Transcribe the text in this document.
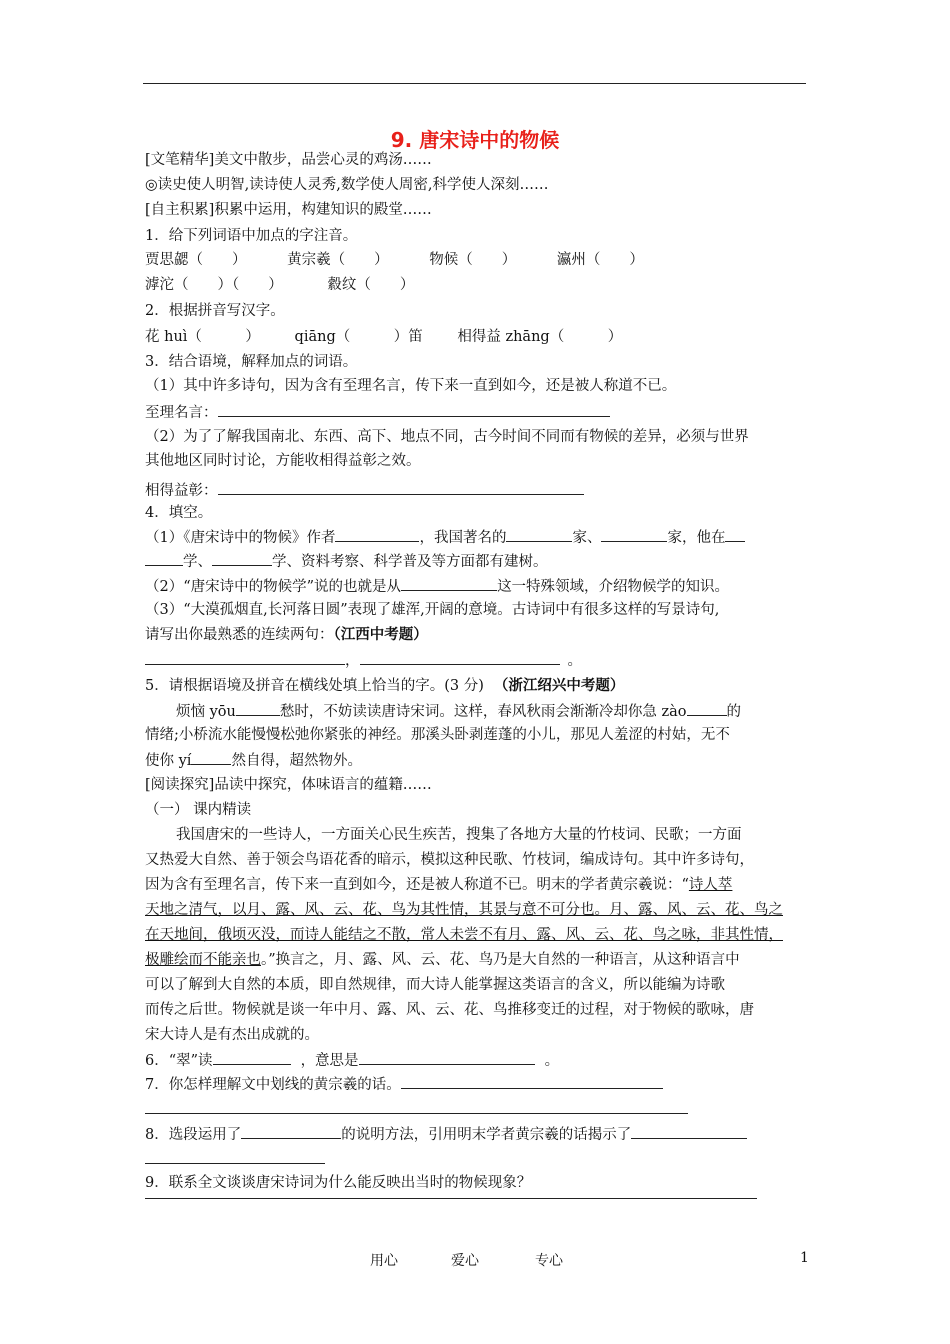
9. 唐宋诗中的物候
[文笔精华]美文中散步，品尝心灵的鸡汤……
◎读史使人明智,读诗使人灵秀,数学使人周密,科学使人深刻……
[自主积累]积累中运用，构建知识的殿堂……
1．给下列词语中加点的字注音。
贾思勰（　　）	黄宗羲（　　）	物候（　　）	瀛州（　　）
滹沱（　　）（　　）	縠纹（　　）
2．根据拼音写汉字。
花 huì（　　　） qiāng（　　　）笛 相得益 zhāng（　　　）
3．结合语境，解释加点的词语。
（1）其中许多诗句，因为含有至理名言，传下来一直到如今，还是被人称道不已。
至理名言：
（2）为了了解我国南北、东西、高下、地点不同，古今时间不同而有物候的差异，必须与世界
其他地区同时讨论，方能收相得益彰之效。
相得益彰：
4．填空。
（1）《唐宋诗中的物候》作者	，我国著名的	家、	家，他在
学、	学、资料考察、科学普及等方面都有建树。
（2）“唐宋诗中的物候学”说的也就是从	这一特殊领域，介绍物候学的知识。
（3）“大漠孤烟直,长河落日圆”表现了雄浑,开阔的意境。古诗词中有很多这样的写景诗句,
请写出你最熟悉的连续两句：（江西中考题）
，	。
5．请根据语境及拼音在横线处填上恰当的字。(3 分) （浙江绍兴中考题）
烦恼 yōu	愁时，不妨读读唐诗宋词。这样，春风秋雨会渐渐冷却你急 zào	的
情绪;小桥流水能慢慢松弛你紧张的神经。那溪头卧剥莲蓬的小儿，那见人羞涩的村姑，无不
使你 yí	然自得，超然物外。
[阅读探究]品读中探究，体味语言的蕴籍……
（一） 课内精读
我国唐宋的一些诗人，一方面关心民生疾苦，搜集了各地方大量的竹枝词、民歌；一方面
又热爱大自然、善于领会鸟语花香的暗示，模拟这种民歌、竹枝词，编成诗句。其中许多诗句，
因为含有至理名言，传下来一直到如今，还是被人称道不已。明末的学者黄宗羲说：“诗人萃
天地之清气，以月、露、风、云、花、鸟为其性情，其景与意不可分也。月、露、风、云、花、鸟之
在天地间，俄顷灭没，而诗人能结之不散，常人未尝不有月、露、风、云、花、鸟之咏，非其性情，
极雕绘而不能亲也。”换言之，月、露、风、云、花、鸟乃是大自然的一种语言，从这种语言中
可以了解到大自然的本质，即自然规律，而大诗人能掌握这类语言的含义，所以能编为诗歌
而传之后世。物候就是谈一年中月、露、风、云、花、鸟推移变迁的过程，对于物候的歌咏，唐
宋大诗人是有杰出成就的。
6．“翠”读	，意思是	。
7．你怎样理解文中划线的黄宗羲的话。
8．选段运用了	的说明方法，引用明末学者黄宗羲的话揭示了
9．联系全文谈谈唐宋诗词为什么能反映出当时的物候现象？
用心	爱心	专心	1
